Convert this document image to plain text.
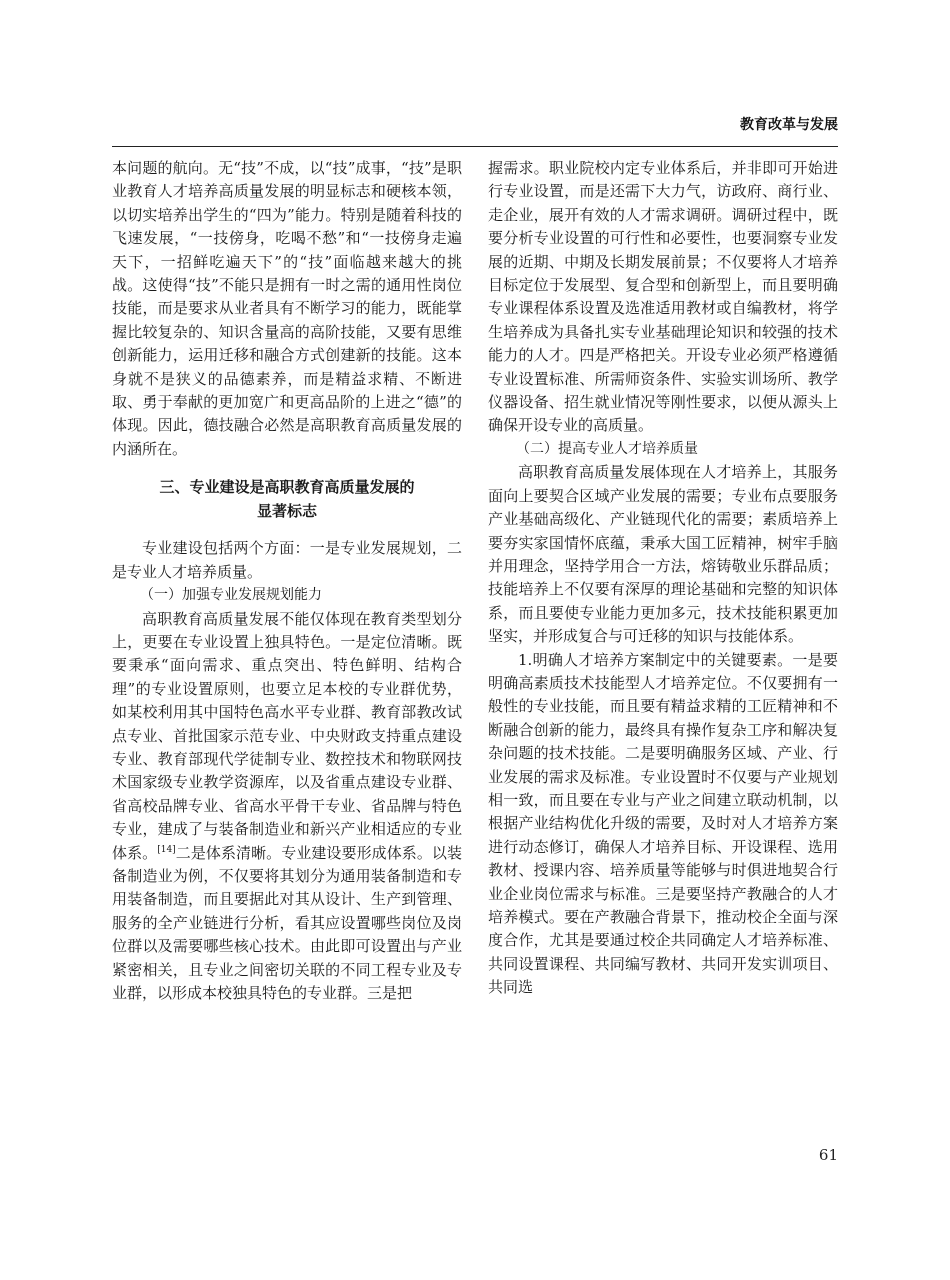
教育改革与发展

本问题的航向。无“技”不成，以“技”成事，“技”是职业教育人才培养高质量发展的明显标志和硬核本领，以切实培养出学生的“四为”能力。特别是随着科技的飞速发展，“一技傍身，吃喝不愁”和“一技傍身走遍天下，一招鲜吃遍天下”的“技”面临越来越大的挑战。这使得“技”不能只是拥有一时之需的通用性岗位技能，而是要求从业者具有不断学习的能力，既能掌握比较复杂的、知识含量高的高阶技能，又要有思维创新能力，运用迁移和融合方式创建新的技能。这本身就不是狭义的品德素养，而是精益求精、不断进取、勇于奉献的更加宽广和更高品阶的上进之“德”的体现。因此，德技融合必然是高职教育高质量发展的内涵所在。

三、专业建设是高职教育高质量发展的
显著标志

专业建设包括两个方面：一是专业发展规划，二是专业人才培养质量。

（一）加强专业发展规划能力

高职教育高质量发展不能仅体现在教育类型划分上，更要在专业设置上独具特色。一是定位清晰。既要秉承“面向需求、重点突出、特色鲜明、结构合理”的专业设置原则，也要立足本校的专业群优势，如某校利用其中国特色高水平专业群、教育部教改试点专业、首批国家示范专业、中央财政支持重点建设专业、教育部现代学徒制专业、数控技术和物联网技术国家级专业教学资源库，以及省重点建设专业群、省高校品牌专业、省高水平骨干专业、省品牌与特色专业，建成了与装备制造业和新兴产业相适应的专业体系。[14]二是体系清晰。专业建设要形成体系。以装备制造业为例，不仅要将其划分为通用装备制造和专用装备制造，而且要据此对其从设计、生产到管理、服务的全产业链进行分析，看其应设置哪些岗位及岗位群以及需要哪些核心技术。由此即可设置出与产业紧密相关，且专业之间密切关联的不同工程专业及专业群，以形成本校独具特色的专业群。三是把

握需求。职业院校内定专业体系后，并非即可开始进行专业设置，而是还需下大力气，访政府、商行业、走企业，展开有效的人才需求调研。调研过程中，既要分析专业设置的可行性和必要性，也要洞察专业发展的近期、中期及长期发展前景；不仅要将人才培养目标定位于发展型、复合型和创新型上，而且要明确专业课程体系设置及选准适用教材或自编教材，将学生培养成为具备扎实专业基础理论知识和较强的技术能力的人才。四是严格把关。开设专业必须严格遵循专业设置标准、所需师资条件、实验实训场所、教学仪器设备、招生就业情况等刚性要求，以便从源头上确保开设专业的高质量。

（二）提高专业人才培养质量

高职教育高质量发展体现在人才培养上，其服务面向上要契合区域产业发展的需要；专业布点要服务产业基础高级化、产业链现代化的需要；素质培养上要夯实家国情怀底蕴，秉承大国工匠精神，树牢手脑并用理念，坚持学用合一方法，熔铸敬业乐群品质；技能培养上不仅要有深厚的理论基础和完整的知识体系，而且要使专业能力更加多元，技术技能积累更加坚实，并形成复合与可迁移的知识与技能体系。

1.明确人才培养方案制定中的关键要素。一是要明确高素质技术技能型人才培养定位。不仅要拥有一般性的专业技能，而且要有精益求精的工匠精神和不断融合创新的能力，最终具有操作复杂工序和解决复杂问题的技术技能。二是要明确服务区域、产业、行业发展的需求及标准。专业设置时不仅要与产业规划相一致，而且要在专业与产业之间建立联动机制，以根据产业结构优化升级的需要，及时对人才培养方案进行动态修订，确保人才培养目标、开设课程、选用教材、授课内容、培养质量等能够与时俱进地契合行业企业岗位需求与标准。三是要坚持产教融合的人才培养模式。要在产教融合背景下，推动校企全面与深度合作，尤其是要通过校企共同确定人才培养标准、共同设置课程、共同编写教材、共同开发实训项目、共同选

61
